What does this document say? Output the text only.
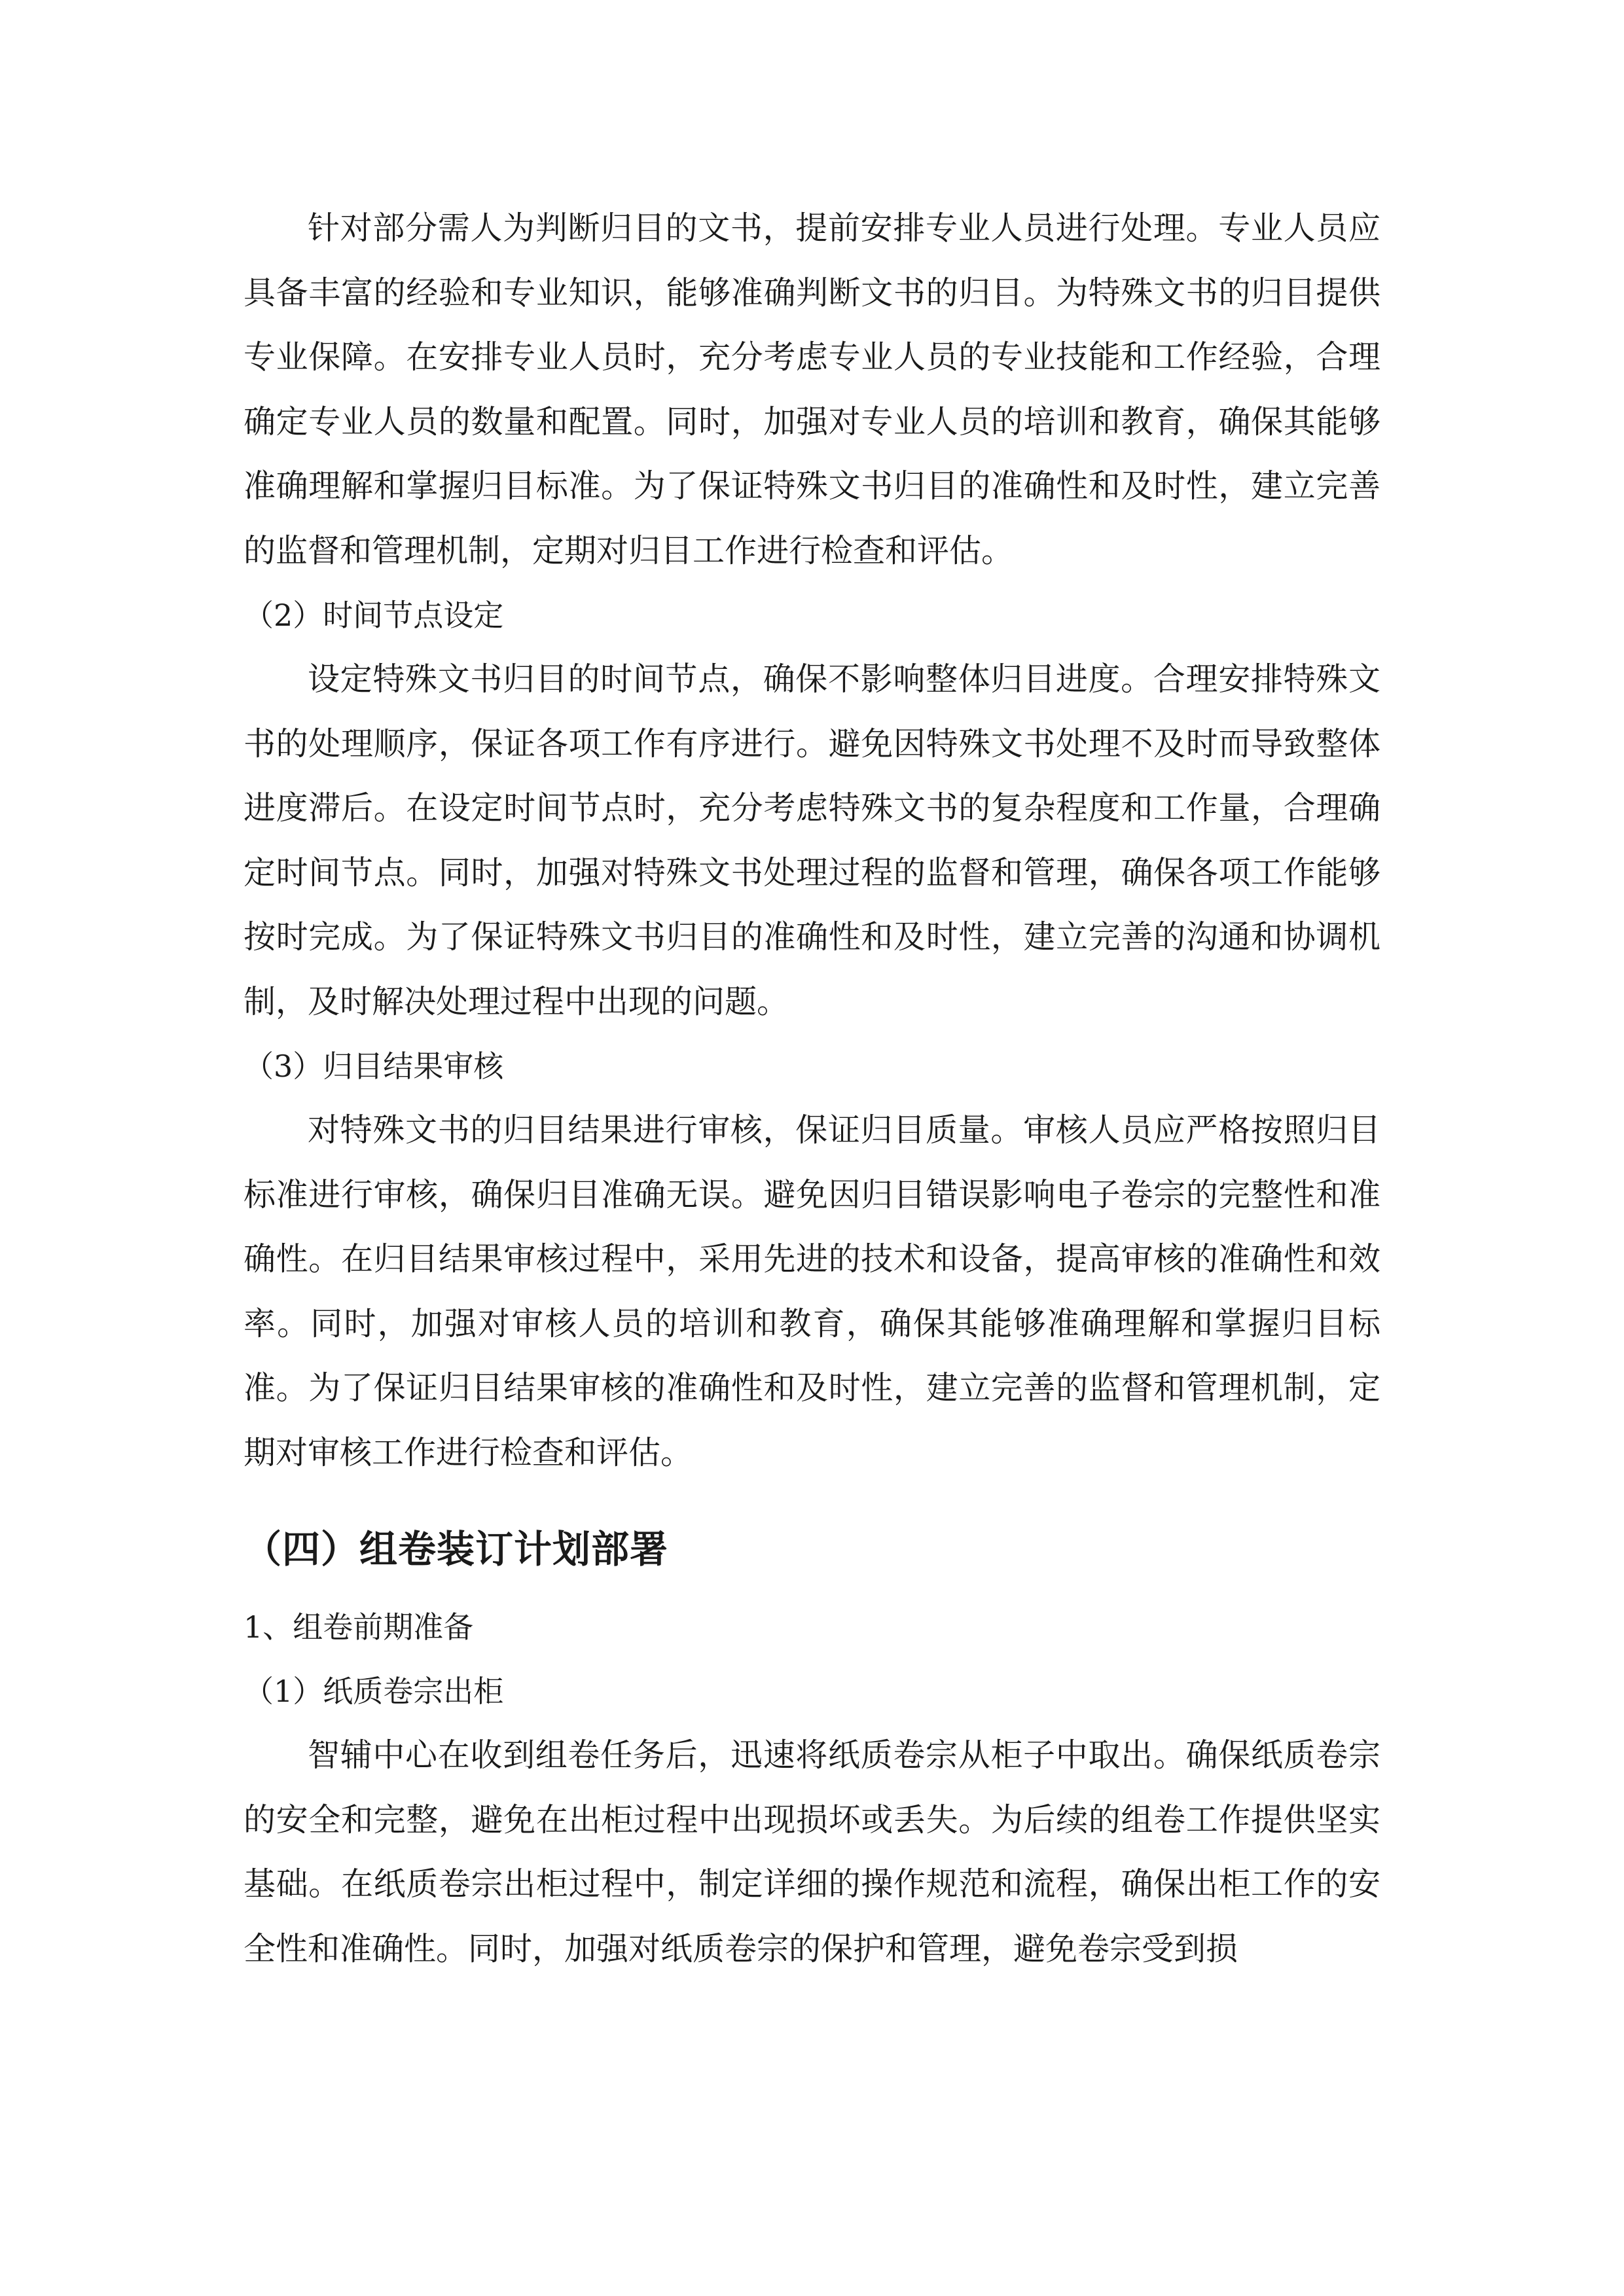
针对部分需人为判断归目的文书，提前安排专业人员进行处理。专业人员应具备丰富的经验和专业知识，能够准确判断文书的归目。为特殊文书的归目提供专业保障。在安排专业人员时，充分考虑专业人员的专业技能和工作经验，合理确定专业人员的数量和配置。同时，加强对专业人员的培训和教育，确保其能够准确理解和掌握归目标准。为了保证特殊文书归目的准确性和及时性，建立完善的监督和管理机制，定期对归目工作进行检查和评估。

（2）时间节点设定

设定特殊文书归目的时间节点，确保不影响整体归目进度。合理安排特殊文书的处理顺序，保证各项工作有序进行。避免因特殊文书处理不及时而导致整体进度滞后。在设定时间节点时，充分考虑特殊文书的复杂程度和工作量，合理确定时间节点。同时，加强对特殊文书处理过程的监督和管理，确保各项工作能够按时完成。为了保证特殊文书归目的准确性和及时性，建立完善的沟通和协调机制，及时解决处理过程中出现的问题。

（3）归目结果审核

对特殊文书的归目结果进行审核，保证归目质量。审核人员应严格按照归目标准进行审核，确保归目准确无误。避免因归目错误影响电子卷宗的完整性和准确性。在归目结果审核过程中，采用先进的技术和设备，提高审核的准确性和效率。同时，加强对审核人员的培训和教育，确保其能够准确理解和掌握归目标准。为了保证归目结果审核的准确性和及时性，建立完善的监督和管理机制，定期对审核工作进行检查和评估。

（四）组卷装订计划部署

1、组卷前期准备

（1）纸质卷宗出柜

智辅中心在收到组卷任务后，迅速将纸质卷宗从柜子中取出。确保纸质卷宗的安全和完整，避免在出柜过程中出现损坏或丢失。为后续的组卷工作提供坚实基础。在纸质卷宗出柜过程中，制定详细的操作规范和流程，确保出柜工作的安全性和准确性。同时，加强对纸质卷宗的保护和管理，避免卷宗受到损
